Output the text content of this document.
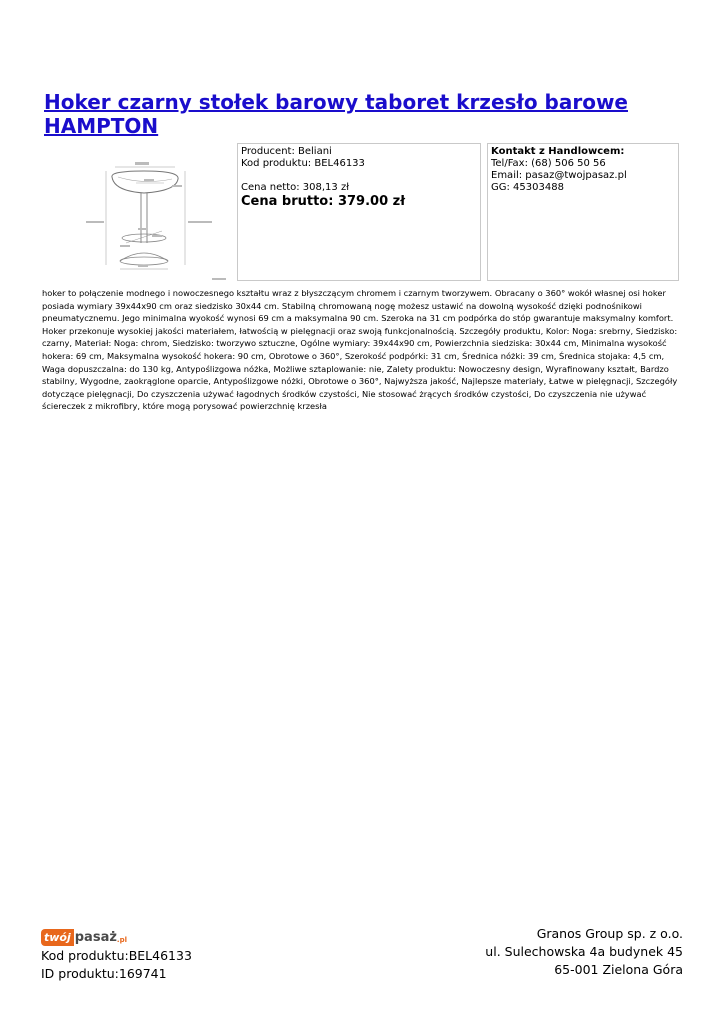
Hoker czarny stołek barowy taboret krzesło barowe HAMPTON
Producent: Beliani
Kod produktu: BEL46133
Cena netto: 308,13 zł
Cena brutto: 379.00 zł
Kontakt z Handlowcem:
Tel/Fax: (68) 506 50 56
Email: pasaz@twojpasaz.pl
GG: 45303488

hoker to połączenie modnego i nowoczesnego kształtu wraz z błyszczącym chromem i czarnym tworzywem. Obracany o 360° wokół własnej osi hoker posiada wymiary 39x44x90 cm oraz siedzisko 30x44 cm. Stabilną chromowaną nogę możesz ustawić na dowolną wysokość dzięki podnośnikowi pneumatycznemu. Jego minimalna wyokość wynosi 69 cm a maksymalna 90 cm. Szeroka na 31 cm podpórka do stóp gwarantuje maksymalny komfort. Hoker przekonuje wysokiej jakości materiałem, łatwością w pielęgnacji oraz swoją funkcjonalnością. Szczegóły produktu, Kolor: Noga: srebrny, Siedzisko: czarny, Materiał: Noga: chrom, Siedzisko: tworzywo sztuczne, Ogólne wymiary: 39x44x90 cm, Powierzchnia siedziska: 30x44 cm, Minimalna wysokość hokera: 69 cm, Maksymalna wysokość hokera: 90 cm, Obrotowe o 360°, Szerokość podpórki: 31 cm, Średnica nóżki: 39 cm, Średnica stojaka: 4,5 cm, Waga dopuszczalna: do 130 kg, Antypoślizgowa nóżka, Możliwe sztaplowanie: nie, Zalety produktu: Nowoczesny design, Wyrafinowany kształt, Bardzo stabilny, Wygodne, zaokrąglone oparcie, Antypoślizgowe nóżki, Obrotowe o 360°, Najwyższa jakość, Najlepsze materiały, Łatwe w pielęgnacji, Szczegóły dotyczące pielęgnacji, Do czyszczenia używać łagodnych środków czystości, Nie stosować żrących środków czystości, Do czyszczenia nie używać ściereczek z mikrofibry, które mogą porysować powierzchnię krzesła

twój pasaż .pl
Kod produktu:BEL46133
ID produktu:169741
Granos Group sp. z o.o.
ul. Sulechowska 4a budynek 45
65-001 Zielona Góra
